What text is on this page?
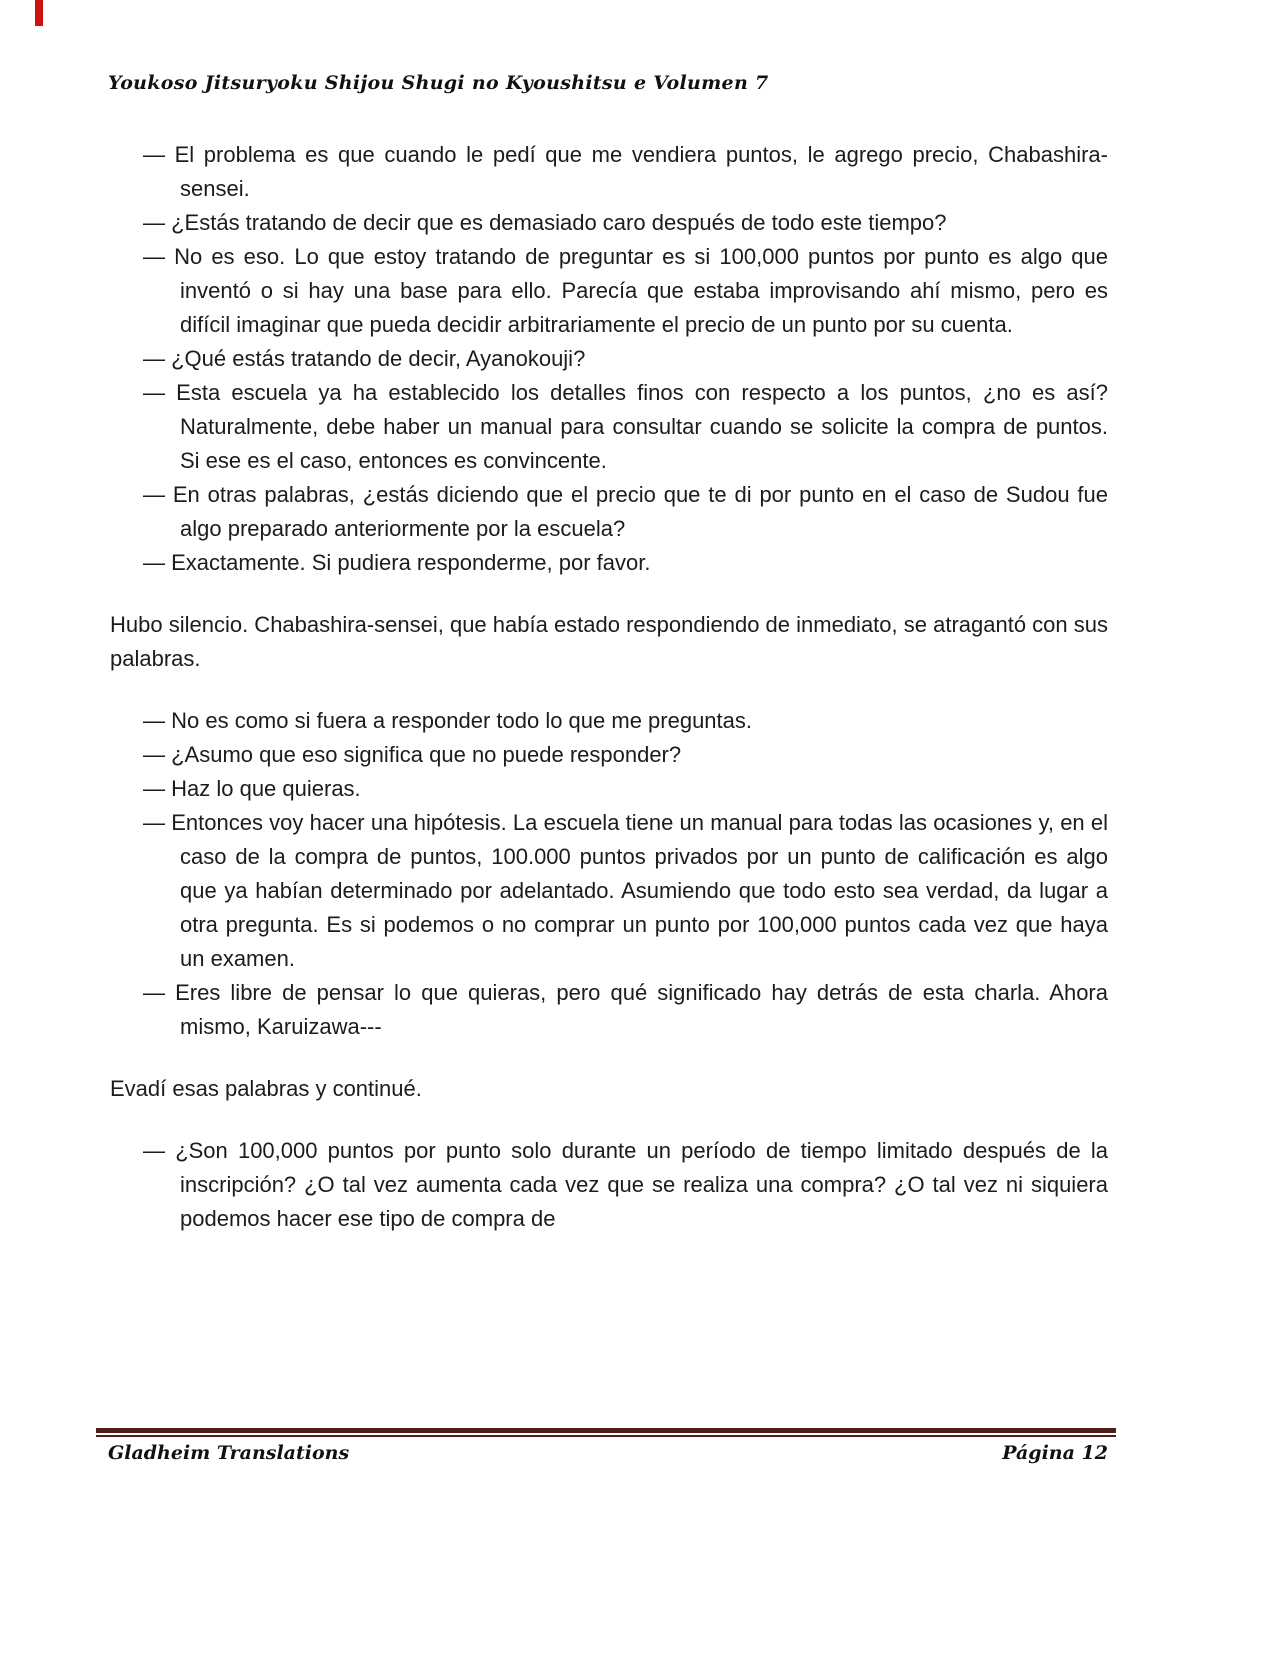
Youkoso Jitsuryoku Shijou Shugi no Kyoushitsu e Volumen 7

— El problema es que cuando le pedí que me vendiera puntos, le agrego precio, Chabashira-sensei.

— ¿Estás tratando de decir que es demasiado caro después de todo este tiempo?

— No es eso. Lo que estoy tratando de preguntar es si 100,000 puntos por punto es algo que inventó o si hay una base para ello. Parecía que estaba improvisando ahí mismo, pero es difícil imaginar que pueda decidir arbitrariamente el precio de un punto por su cuenta.

— ¿Qué estás tratando de decir, Ayanokouji?

— Esta escuela ya ha establecido los detalles finos con respecto a los puntos, ¿no es así? Naturalmente, debe haber un manual para consultar cuando se solicite la compra de puntos. Si ese es el caso, entonces es convincente.

— En otras palabras, ¿estás diciendo que el precio que te di por punto en el caso de Sudou fue algo preparado anteriormente por la escuela?

— Exactamente. Si pudiera responderme, por favor.

Hubo silencio. Chabashira-sensei, que había estado respondiendo de inmediato, se atragantó con sus palabras.

— No es como si fuera a responder todo lo que me preguntas.

— ¿Asumo que eso significa que no puede responder?

— Haz lo que quieras.

— Entonces voy hacer una hipótesis. La escuela tiene un manual para todas las ocasiones y, en el caso de la compra de puntos, 100.000 puntos privados por un punto de calificación es algo que ya habían determinado por adelantado. Asumiendo que todo esto sea verdad, da lugar a otra pregunta. Es si podemos o no comprar un punto por 100,000 puntos cada vez que haya un examen.

— Eres libre de pensar lo que quieras, pero qué significado hay detrás de esta charla. Ahora mismo, Karuizawa---

Evadí esas palabras y continué.

— ¿Son 100,000 puntos por punto solo durante un período de tiempo limitado después de la inscripción? ¿O tal vez aumenta cada vez que se realiza una compra? ¿O tal vez ni siquiera podemos hacer ese tipo de compra de

Gladheim Translations	Página 12
